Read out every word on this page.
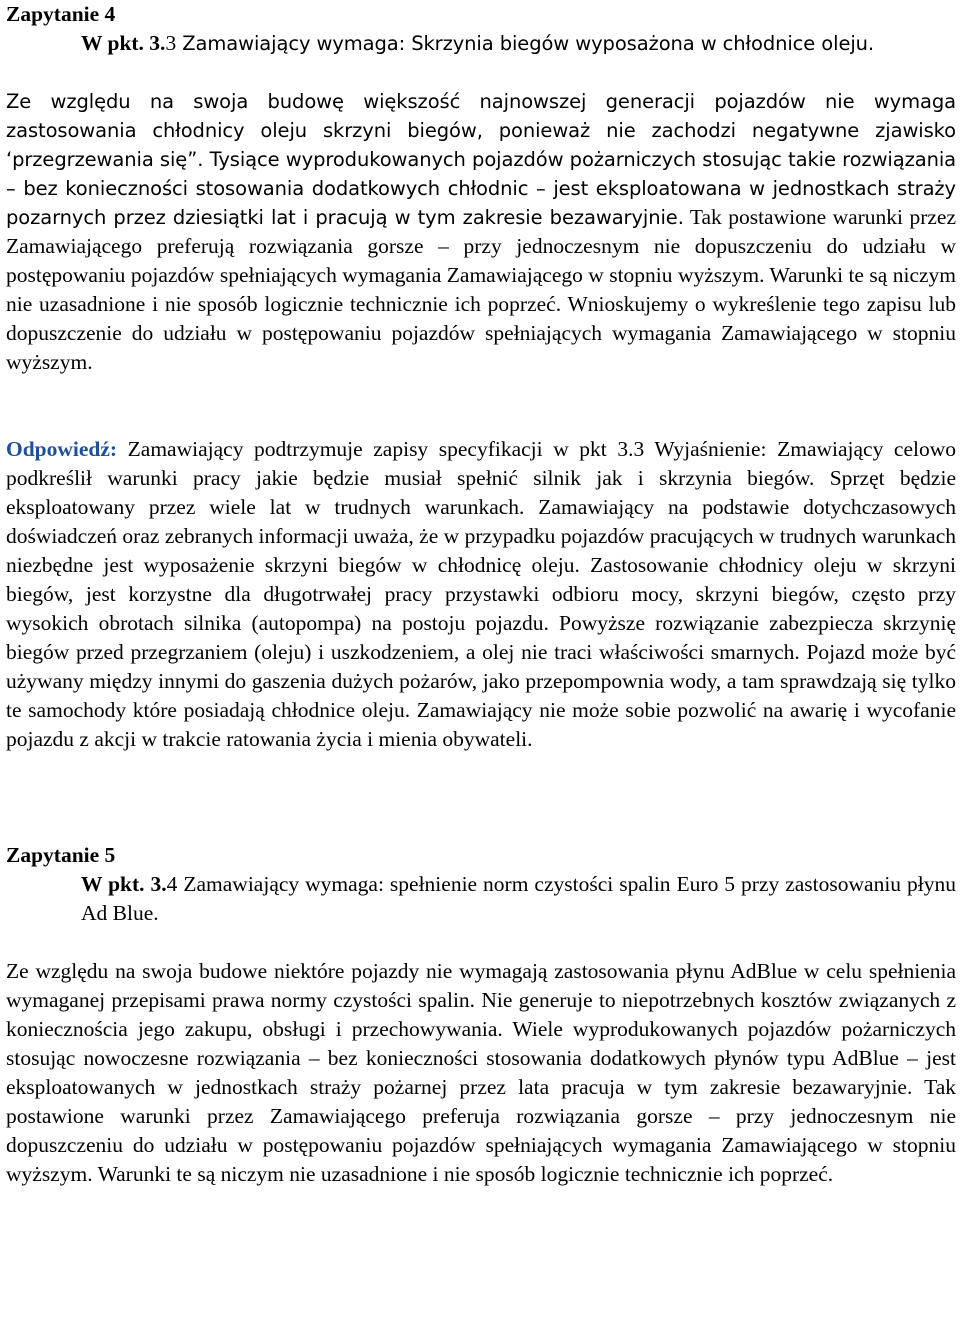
Zapytanie 4

W pkt. 3.3 Zamawiający wymaga: Skrzynia biegów wyposażona w chłodnice oleju.

Ze względu na swoja budowę większość najnowszej generacji pojazdów nie wymaga zastosowania chłodnicy oleju skrzyni biegów, ponieważ nie zachodzi negatywne zjawisko ‘przegrzewania się”. Tysiące wyprodukowanych pojazdów pożarniczych stosując takie rozwiązania – bez konieczności stosowania dodatkowych chłodnic – jest eksploatowana w jednostkach straży pozarnych przez dziesiątki lat i pracują w tym zakresie bezawaryjnie. Tak postawione warunki przez Zamawiającego preferują rozwiązania gorsze – przy jednoczesnym nie dopuszczeniu do udziału w postępowaniu pojazdów spełniających wymagania Zamawiającego w stopniu wyższym. Warunki te są niczym nie uzasadnione i nie sposób logicznie technicznie ich poprzeć. Wnioskujemy o wykreślenie tego zapisu lub dopuszczenie do udziału w postępowaniu pojazdów spełniających wymagania Zamawiającego w stopniu wyższym.

Odpowiedź: Zamawiający podtrzymuje zapisy specyfikacji w pkt 3.3 Wyjaśnienie: Zmawiający celowo podkreślił warunki pracy jakie będzie musiał spełnić silnik jak i skrzynia biegów. Sprzęt będzie eksploatowany przez wiele lat w trudnych warunkach. Zamawiający na podstawie dotychczasowych doświadczeń oraz zebranych informacji uważa, że w przypadku pojazdów pracujących w trudnych warunkach niezbędne jest wyposażenie skrzyni biegów w chłodnicę oleju. Zastosowanie chłodnicy oleju w skrzyni biegów, jest korzystne dla długotrwałej pracy przystawki odbioru mocy, skrzyni biegów, często przy wysokich obrotach silnika (autopompa) na postoju pojazdu. Powyższe rozwiązanie zabezpiecza skrzynię biegów przed przegrzaniem (oleju) i uszkodzeniem, a olej nie traci właściwości smarnych. Pojazd może być używany między innymi do gaszenia dużych pożarów, jako przepompownia wody, a tam sprawdzają się tylko te samochody które posiadają chłodnice oleju. Zamawiający nie może sobie pozwolić na awarię i wycofanie pojazdu z akcji w trakcie ratowania życia i mienia obywateli.

Zapytanie 5

W pkt. 3.4 Zamawiający wymaga: spełnienie norm czystości spalin Euro 5 przy zastosowaniu płynu Ad Blue.

Ze względu na swoja budowe niektóre pojazdy nie wymagają zastosowania płynu AdBlue w celu spełnienia wymaganej przepisami prawa normy czystości spalin. Nie generuje to niepotrzebnych kosztów związanych z koniecznościa jego zakupu, obsługi i przechowywania. Wiele wyprodukowanych pojazdów pożarniczych stosując nowoczesne rozwiązania – bez konieczności stosowania dodatkowych płynów typu AdBlue – jest eksploatowanych w jednostkach straży pożarnej przez lata pracuja w tym zakresie bezawaryjnie. Tak postawione warunki przez Zamawiającego preferuja rozwiązania gorsze – przy jednoczesnym nie dopuszczeniu do udziału w postępowaniu pojazdów spełniających wymagania Zamawiającego w stopniu wyższym. Warunki te są niczym nie uzasadnione i nie sposób logicznie technicznie ich poprzeć.
